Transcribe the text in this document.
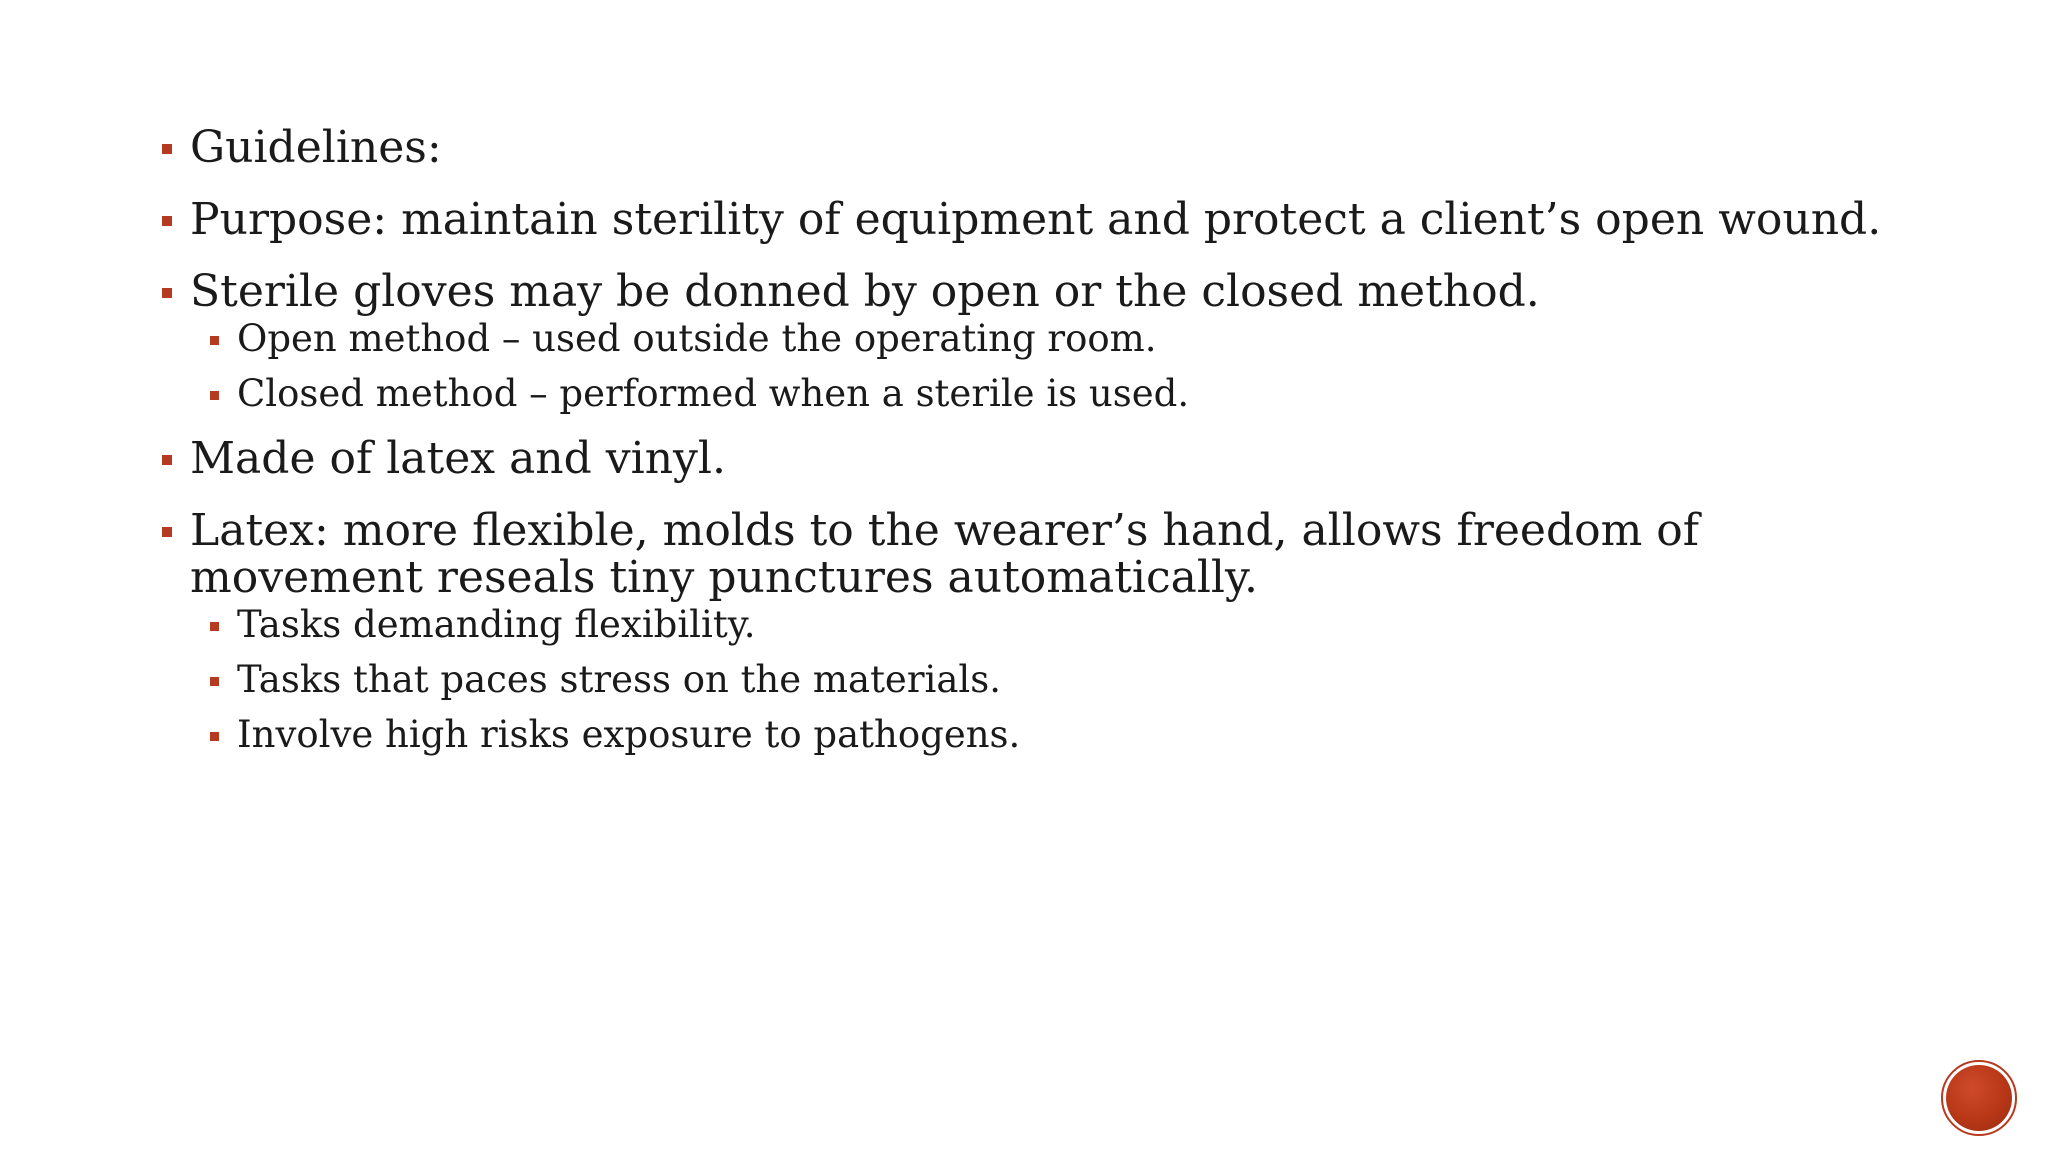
Guidelines:
Purpose: maintain sterility of equipment and protect a client’s open wound.
Sterile gloves may be donned by open or the closed method.
Open method – used outside the operating room.
Closed method – performed when a sterile is used.
Made of latex and vinyl.
Latex: more flexible, molds to the wearer’s hand, allows freedom of movement reseals tiny punctures automatically.
Tasks demanding flexibility.
Tasks that paces stress on the materials.
Involve high risks exposure to pathogens.
